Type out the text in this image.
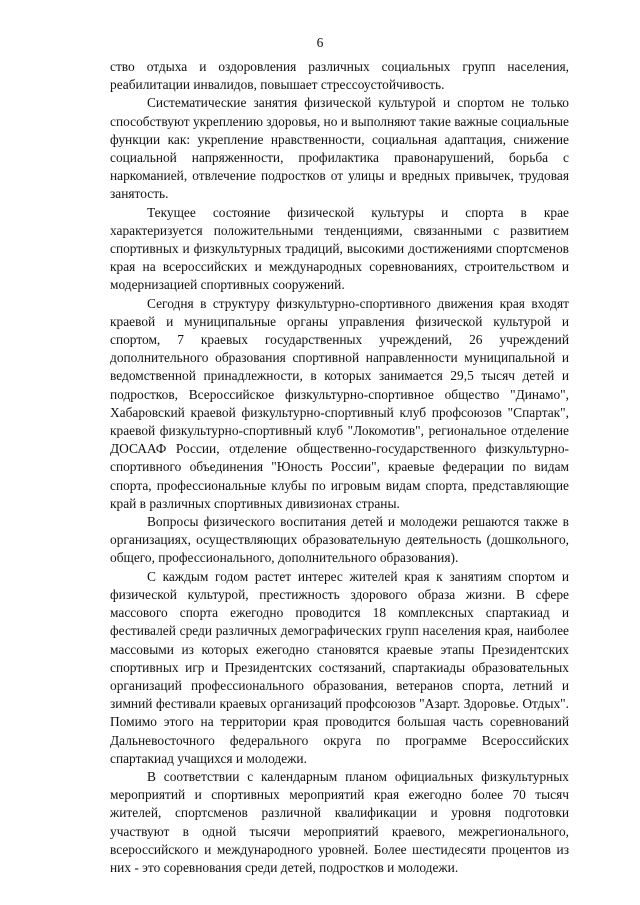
6

ство отдыха и оздоровления различных социальных групп населения, реабилитации инвалидов, повышает стрессоустойчивость.

Систематические занятия физической культурой и спортом не только способствуют укреплению здоровья, но и выполняют такие важные социальные функции как: укрепление нравственности, социальная адаптация, снижение социальной напряженности, профилактика правонарушений, борьба с наркоманией, отвлечение подростков от улицы и вредных привычек, трудовая занятость.

Текущее состояние физической культуры и спорта в крае характеризуется положительными тенденциями, связанными с развитием спортивных и физкультурных традиций, высокими достижениями спортсменов края на всероссийских и международных соревнованиях, строительством и модернизацией спортивных сооружений.

Сегодня в структуру физкультурно-спортивного движения края входят краевой и муниципальные органы управления физической культурой и спортом, 7 краевых государственных учреждений, 26 учреждений дополнительного образования спортивной направленности муниципальной и ведомственной принадлежности, в которых занимается 29,5 тысяч детей и подростков, Всероссийское физкультурно-спортивное общество "Динамо", Хабаровский краевой физкультурно-спортивный клуб профсоюзов "Спартак", краевой физкультурно-спортивный клуб "Локомотив", региональное отделение ДОСААФ России, отделение общественно-государственного физкультурно-спортивного объединения "Юность России", краевые федерации по видам спорта, профессиональные клубы по игровым видам спорта, представляющие край в различных спортивных дивизионах страны.

Вопросы физического воспитания детей и молодежи решаются также в организациях, осуществляющих образовательную деятельность (дошкольного, общего, профессионального, дополнительного образования).

С каждым годом растет интерес жителей края к занятиям спортом и физической культурой, престижность здорового образа жизни. В сфере массового спорта ежегодно проводится 18 комплексных спартакиад и фестивалей среди различных демографических групп населения края, наиболее массовыми из которых ежегодно становятся краевые этапы Президентских спортивных игр и Президентских состязаний, спартакиады образовательных организаций профессионального образования, ветеранов спорта, летний и зимний фестивали краевых организаций профсоюзов "Азарт. Здоровье. Отдых". Помимо этого на территории края проводится большая часть соревнований Дальневосточного федерального округа по программе Всероссийских спартакиад учащихся и молодежи.

В соответствии с календарным планом официальных физкультурных мероприятий и спортивных мероприятий края ежегодно более 70 тысяч жителей, спортсменов различной квалификации и уровня подготовки участвуют в одной тысячи мероприятий краевого, межрегионального, всероссийского и международного уровней. Более шестидесяти процентов из них - это соревнования среди детей, подростков и молодежи.
